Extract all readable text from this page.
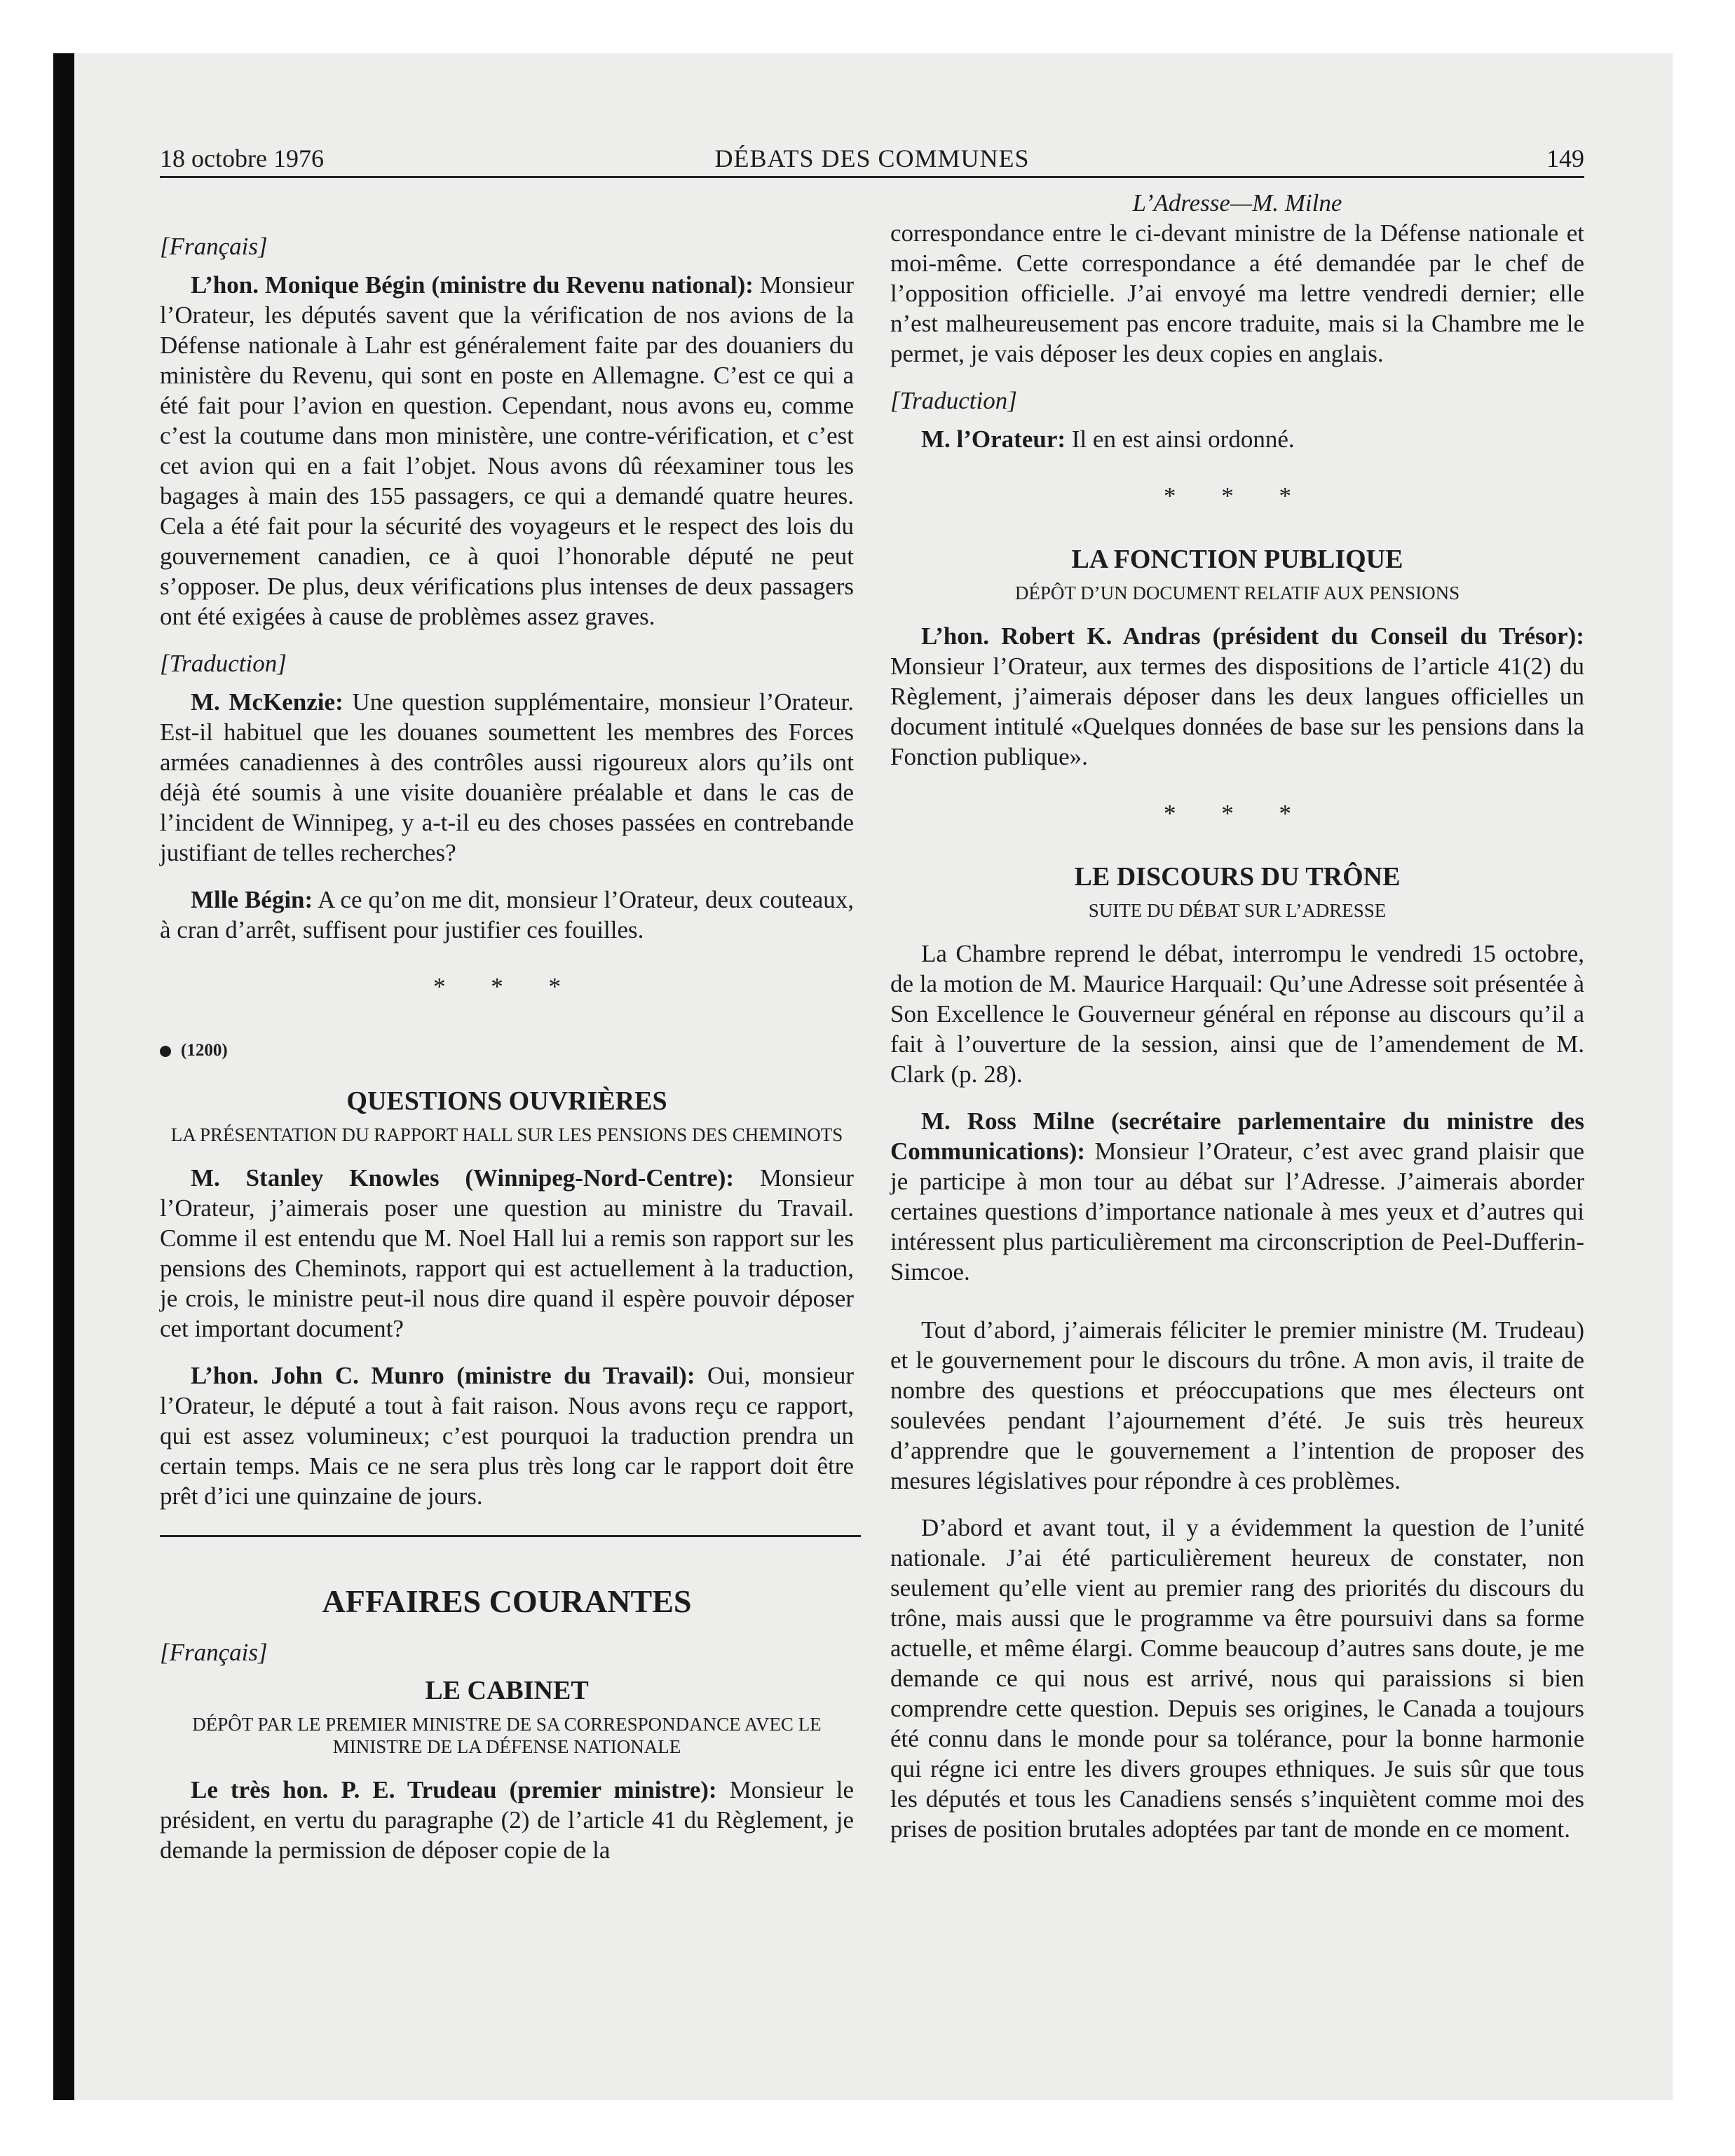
18 octobre 1976	DÉBATS DES COMMUNES	149
[Français]

L’hon. Monique Bégin (ministre du Revenu national): Monsieur l’Orateur, les députés savent que la vérification de nos avions de la Défense nationale à Lahr est généralement faite par des douaniers du ministère du Revenu, qui sont en poste en Allemagne. C’est ce qui a été fait pour l’avion en question. Cependant, nous avons eu, comme c’est la coutume dans mon ministère, une contre-vérification, et c’est cet avion qui en a fait l’objet. Nous avons dû réexaminer tous les bagages à main des 155 passagers, ce qui a demandé quatre heures. Cela a été fait pour la sécurité des voyageurs et le respect des lois du gouvernement canadien, ce à quoi l’honorable député ne peut s’opposer. De plus, deux vérifications plus intenses de deux passagers ont été exigées à cause de problèmes assez graves.

[Traduction]

M. McKenzie: Une question supplémentaire, monsieur l’Orateur. Est-il habituel que les douanes soumettent les membres des Forces armées canadiennes à des contrôles aussi rigoureux alors qu’ils ont déjà été soumis à une visite douanière préalable et dans le cas de l’incident de Winnipeg, y a-t-il eu des choses passées en contrebande justifiant de telles recherches?

Mlle Bégin: A ce qu’on me dit, monsieur l’Orateur, deux couteaux, à cran d’arrêt, suffisent pour justifier ces fouilles.

* * *
(1200)
QUESTIONS OUVRIÈRES
LA PRÉSENTATION DU RAPPORT HALL SUR LES PENSIONS DES CHEMINOTS

M. Stanley Knowles (Winnipeg-Nord-Centre): Monsieur l’Orateur, j’aimerais poser une question au ministre du Travail. Comme il est entendu que M. Noel Hall lui a remis son rapport sur les pensions des Cheminots, rapport qui est actuellement à la traduction, je crois, le ministre peut-il nous dire quand il espère pouvoir déposer cet important document?

L’hon. John C. Munro (ministre du Travail): Oui, monsieur l’Orateur, le député a tout à fait raison. Nous avons reçu ce rapport, qui est assez volumineux; c’est pourquoi la traduction prendra un certain temps. Mais ce ne sera plus très long car le rapport doit être prêt d’ici une quinzaine de jours.

AFFAIRES COURANTES
[Français]
LE CABINET
DÉPÔT PAR LE PREMIER MINISTRE DE SA CORRESPONDANCE AVEC LE MINISTRE DE LA DÉFENSE NATIONALE

Le très hon. P. E. Trudeau (premier ministre): Monsieur le président, en vertu du paragraphe (2) de l’article 41 du Règlement, je demande la permission de déposer copie de la

L’Adresse—M. Milne

correspondance entre le ci-devant ministre de la Défense nationale et moi-même. Cette correspondance a été demandée par le chef de l’opposition officielle. J’ai envoyé ma lettre vendredi dernier; elle n’est malheureusement pas encore traduite, mais si la Chambre me le permet, je vais déposer les deux copies en anglais.

[Traduction]

M. l’Orateur: Il en est ainsi ordonné.

* * *
LA FONCTION PUBLIQUE
DÉPÔT D’UN DOCUMENT RELATIF AUX PENSIONS

L’hon. Robert K. Andras (président du Conseil du Trésor): Monsieur l’Orateur, aux termes des dispositions de l’article 41(2) du Règlement, j’aimerais déposer dans les deux langues officielles un document intitulé «Quelques données de base sur les pensions dans la Fonction publique».

* * *
LE DISCOURS DU TRÔNE
SUITE DU DÉBAT SUR L’ADRESSE

La Chambre reprend le débat, interrompu le vendredi 15 octobre, de la motion de M. Maurice Harquail: Qu’une Adresse soit présentée à Son Excellence le Gouverneur général en réponse au discours qu’il a fait à l’ouverture de la session, ainsi que de l’amendement de M. Clark (p. 28).

M. Ross Milne (secrétaire parlementaire du ministre des Communications): Monsieur l’Orateur, c’est avec grand plaisir que je participe à mon tour au débat sur l’Adresse. J’aimerais aborder certaines questions d’importance nationale à mes yeux et d’autres qui intéressent plus particulièrement ma circonscription de Peel-Dufferin-Simcoe.

Tout d’abord, j’aimerais féliciter le premier ministre (M. Trudeau) et le gouvernement pour le discours du trône. A mon avis, il traite de nombre des questions et préoccupations que mes électeurs ont soulevées pendant l’ajournement d’été. Je suis très heureux d’apprendre que le gouvernement a l’intention de proposer des mesures législatives pour répondre à ces problèmes.

D’abord et avant tout, il y a évidemment la question de l’unité nationale. J’ai été particulièrement heureux de constater, non seulement qu’elle vient au premier rang des priorités du discours du trône, mais aussi que le programme va être poursuivi dans sa forme actuelle, et même élargi. Comme beaucoup d’autres sans doute, je me demande ce qui nous est arrivé, nous qui paraissions si bien comprendre cette question. Depuis ses origines, le Canada a toujours été connu dans le monde pour sa tolérance, pour la bonne harmonie qui régne ici entre les divers groupes ethniques. Je suis sûr que tous les députés et tous les Canadiens sensés s’inquiètent comme moi des prises de position brutales adoptées par tant de monde en ce moment.
